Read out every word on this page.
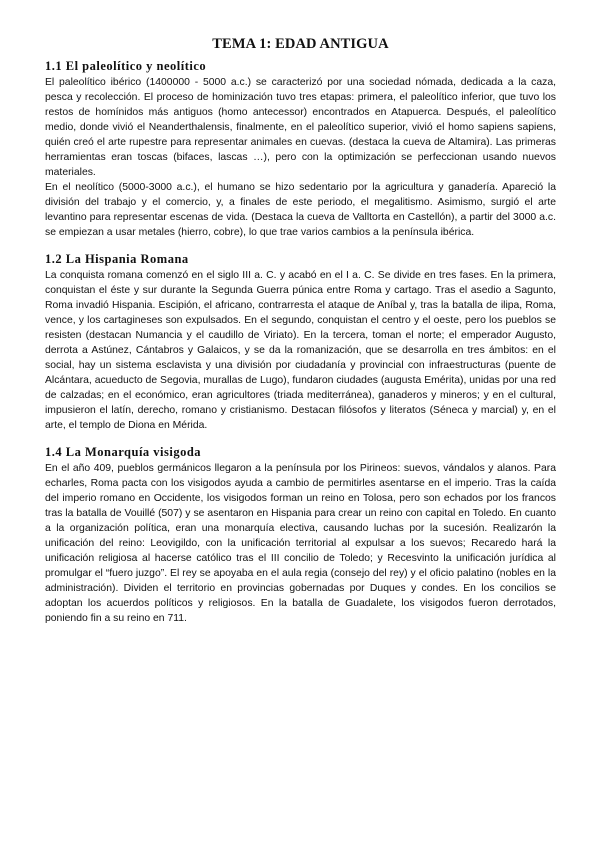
TEMA 1: EDAD ANTIGUA
1.1 El paleolítico y neolítico

El paleolítico ibérico (1400000 - 5000 a.c.) se caracterizó por una sociedad nómada, dedicada a la caza, pesca y recolección. El proceso de hominización tuvo tres etapas: primera, el paleolítico inferior, que tuvo los restos de homínidos más antiguos (homo antecessor) encontrados en Atapuerca. Después, el paleolítico medio, donde vivió el Neanderthalensis, finalmente, en el paleolítico superior, vivió el homo sapiens sapiens, quién creó el arte rupestre para representar animales en cuevas. (destaca la cueva de Altamira). Las primeras herramientas eran toscas (bifaces, lascas …), pero con la optimización se perfeccionan usando nuevos materiales.

En el neolítico (5000-3000 a.c.), el humano se hizo sedentario por la agricultura y ganadería. Apareció la división del trabajo y el comercio, y, a finales de este periodo, el megalitismo. Asimismo, surgió el arte levantino para representar escenas de vida. (Destaca la cueva de Valltorta en Castellón), a partir del 3000 a.c. se empiezan a usar metales (hierro, cobre), lo que trae varios cambios a la península ibérica.

1.2 La Hispania Romana

La conquista romana comenzó en el siglo III a. C. y acabó en el I a. C. Se divide en tres fases. En la primera, conquistan el éste y sur durante la Segunda Guerra púnica entre Roma y cartago. Tras el asedio a Sagunto, Roma invadió Hispania. Escipión, el africano, contrarresta el ataque de Aníbal y, tras la batalla de ilipa, Roma, vence, y los cartagineses son expulsados. En el segundo, conquistan el centro y el oeste, pero los pueblos se resisten (destacan Numancia y el caudillo de Viriato). En la tercera, toman el norte; el emperador Augusto, derrota a Astúnez, Cántabros y Galaicos, y se da la romanización, que se desarrolla en tres ámbitos: en el social, hay un sistema esclavista y una división por ciudadanía y provincial con infraestructuras (puente de Alcántara, acueducto de Segovia, murallas de Lugo), fundaron ciudades (augusta Emérita), unidas por una red de calzadas; en el económico, eran agricultores (triada mediterránea), ganaderos y mineros; y en el cultural, impusieron el latín, derecho, romano y cristianismo. Destacan filósofos y literatos (Séneca y marcial) y, en el arte, el templo de Diona en Mérida.

1.4 La Monarquía visigoda

En el año 409, pueblos germánicos llegaron a la península por los Pirineos: suevos, vándalos y alanos. Para echarles, Roma pacta con los visigodos ayuda a cambio de permitirles asentarse en el imperio. Tras la caída del imperio romano en Occidente, los visigodos forman un reino en Tolosa, pero son echados por los francos tras la batalla de Vouillé (507) y se asentaron en Hispania para crear un reino con capital en Toledo. En cuanto a la organización política, eran una monarquía electiva, causando luchas por la sucesión. Realizarón la unificación del reino: Leovigildo, con la unificación territorial al expulsar a los suevos; Recaredo hará la unificación religiosa al hacerse católico tras el III concilio de Toledo; y Recesvinto la unificación jurídica al promulgar el “fuero juzgo”. El rey se apoyaba en el aula regia (consejo del rey) y el oficio palatino (nobles en la administración). Dividen el territorio en provincias gobernadas por Duques y condes. En los concilios se adoptan los acuerdos políticos y religiosos. En la batalla de Guadalete, los visigodos fueron derrotados, poniendo fin a su reino en 711.
